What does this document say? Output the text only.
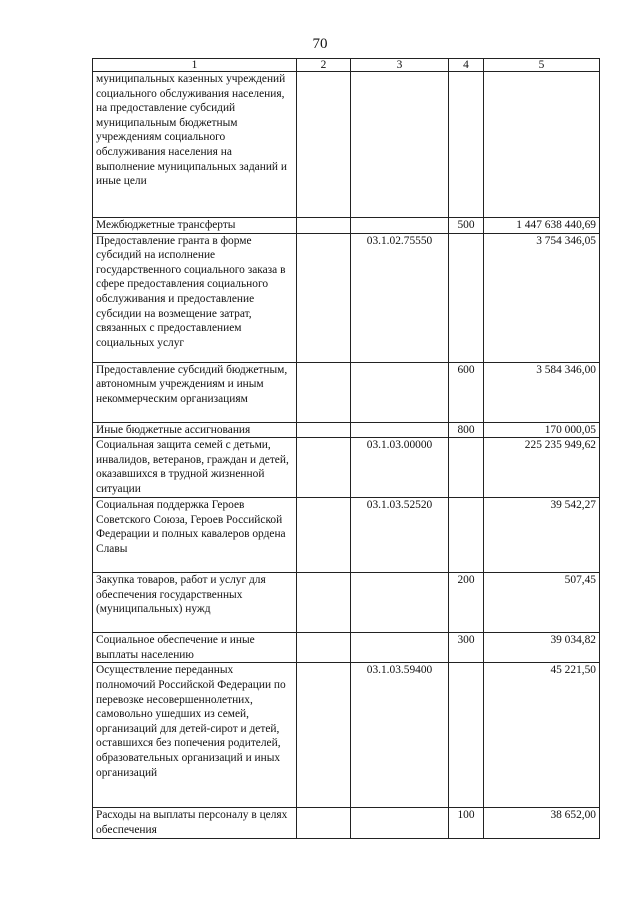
70
1	2	3	4	5
муниципальных казенных учреждений социального обслуживания населения, на предоставление субсидий муниципальным бюджетным учреждениям социального обслуживания населения на выполнение муниципальных заданий и иные цели				
Межбюджетные трансферты			500	1 447 638 440,69
Предоставление гранта в форме субсидий на исполнение государственного социального заказа в сфере предоставления социального обслуживания и предоставление субсидии на возмещение затрат, связанных с предоставлением социальных услуг		03.1.02.75550		3 754 346,05
Предоставление субсидий бюджетным, автономным учреждениям и иным некоммерческим организациям			600	3 584 346,00
Иные бюджетные ассигнования			800	170 000,05
Социальная защита семей с детьми, инвалидов, ветеранов, граждан и детей, оказавшихся в трудной жизненной ситуации		03.1.03.00000		225 235 949,62
Социальная поддержка Героев Советского Союза, Героев Российской Федерации и полных кавалеров ордена Славы		03.1.03.52520		39 542,27
Закупка товаров, работ и услуг для обеспечения государственных (муниципальных) нужд			200	507,45
Социальное обеспечение и иные выплаты населению			300	39 034,82
Осуществление переданных полномочий Российской Федерации по перевозке несовершеннолетних, самовольно ушедших из семей, организаций для детей-сирот и детей, оставшихся без попечения родителей, образовательных организаций и иных организаций		03.1.03.59400		45 221,50
Расходы на выплаты персоналу в целях обеспечения			100	38 652,00
